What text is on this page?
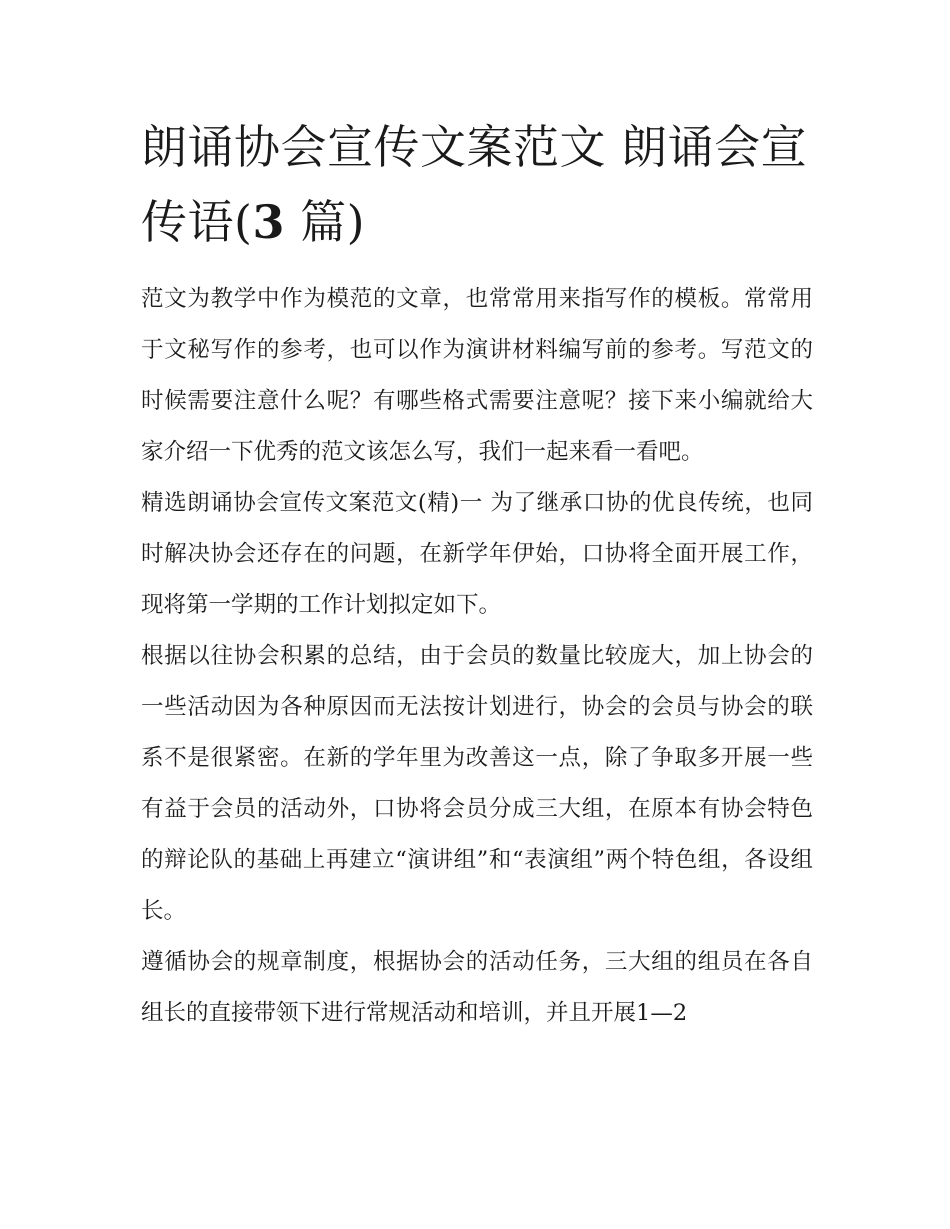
朗诵协会宣传文案范文 朗诵会宣传语(3 篇)

范文为教学中作为模范的文章，也常常用来指写作的模板。常常用于文秘写作的参考，也可以作为演讲材料编写前的参考。写范文的时候需要注意什么呢？有哪些格式需要注意呢？接下来小编就给大家介绍一下优秀的范文该怎么写，我们一起来看一看吧。

精选朗诵协会宣传文案范文(精)一 为了继承口协的优良传统，也同时解决协会还存在的问题，在新学年伊始，口协将全面开展工作，现将第一学期的工作计划拟定如下。

根据以往协会积累的总结，由于会员的数量比较庞大，加上协会的一些活动因为各种原因而无法按计划进行，协会的会员与协会的联系不是很紧密。在新的学年里为改善这一点，除了争取多开展一些有益于会员的活动外，口协将会员分成三大组，在原本有协会特色的辩论队的基础上再建立“演讲组”和“表演组”两个特色组，各设组长。

遵循协会的规章制度，根据协会的活动任务，三大组的组员在各自组长的直接带领下进行常规活动和培训，并且开展1—2
